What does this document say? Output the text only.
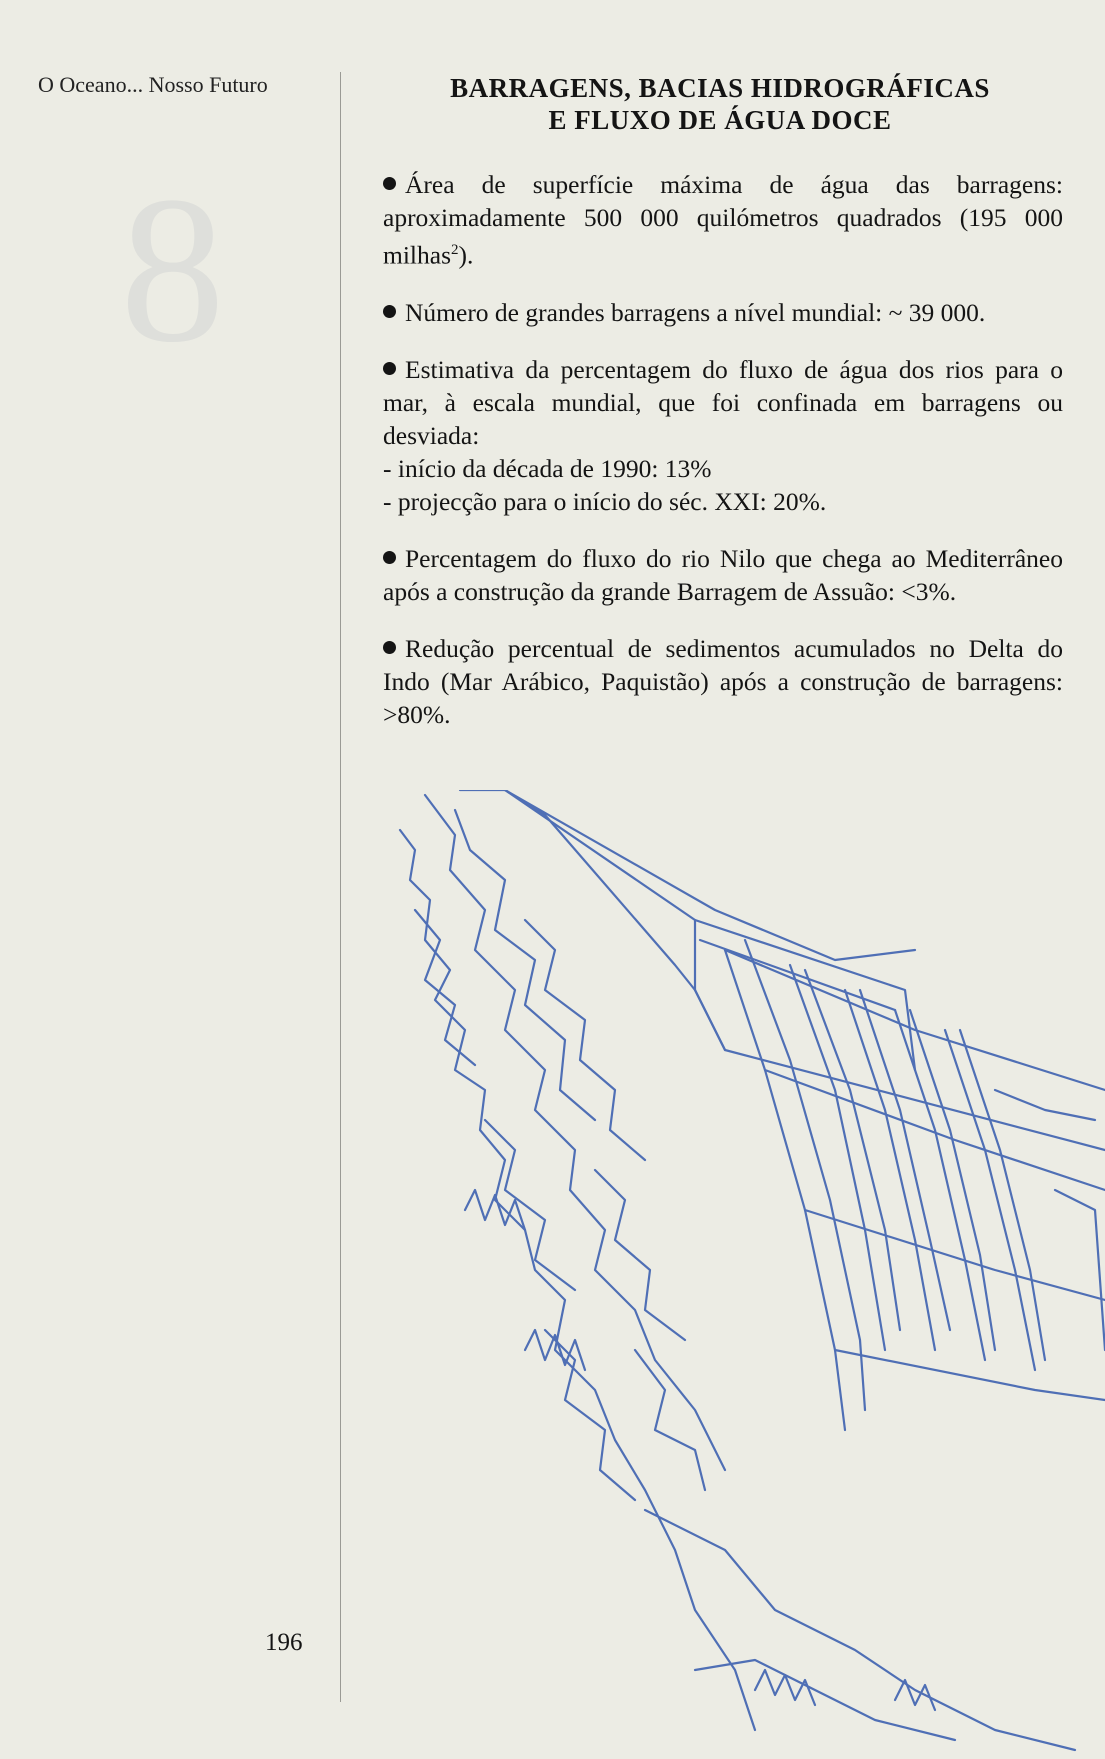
8
O Oceano... Nosso Futuro	BARRAGENS, BACIAS HIDROGRÁFICAS
E FLUXO DE ÁGUA DOCE

Área de superfície máxima de água das barragens: aproximadamente 500 000 quilómetros quadrados (195 000 milhas$^2$).

Número de grandes barragens a nível mundial: ~ 39 000.

Estimativa da percentagem do fluxo de água dos rios para o mar, à escala mundial, que foi confinada em barragens ou desviada:
- início da década de 1990: 13%
- projecção para o início do séc. XXI: 20%.

Percentagem do fluxo do rio Nilo que chega ao Mediterrâneo após a construção da grande Barragem de Assuão: <3%.

Redução percentual de sedimentos acumulados no Delta do Indo (Mar Arábico, Paquistão) após a construção de barragens: >80%.

196
